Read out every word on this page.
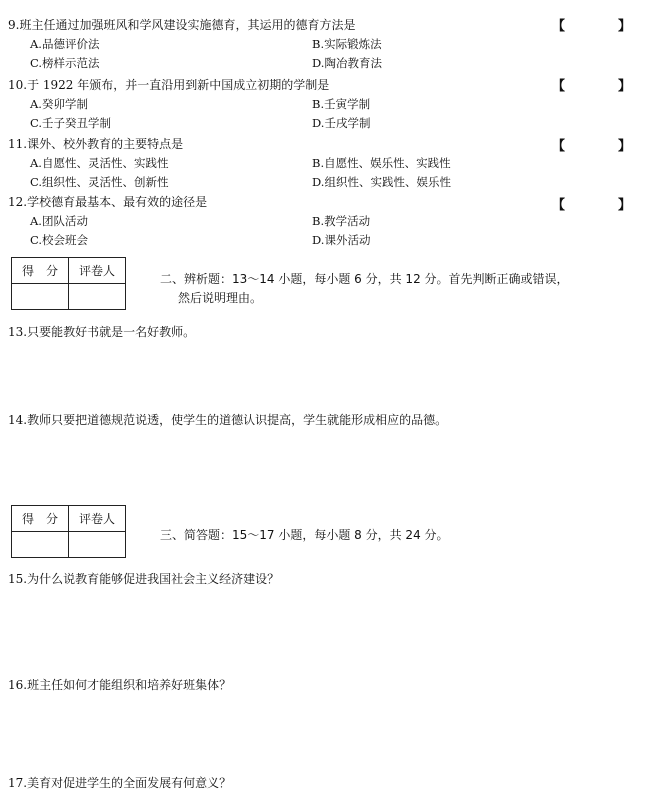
9.班主任通过加强班风和学风建设实施德育，其运用的德育方法是	【　】
A.品德评价法	B.实际锻炼法
C.榜样示范法	D.陶冶教育法
10.于 1922 年颁布，并一直沿用到新中国成立初期的学制是	【　】
A.癸卯学制	B.壬寅学制
C.壬子癸丑学制	D.壬戌学制
11.课外、校外教育的主要特点是	【　】
A.自愿性、灵活性、实践性	B.自愿性、娱乐性、实践性
C.组织性、灵活性、创新性	D.组织性、实践性、娱乐性
12.学校德育最基本、最有效的途径是	【　】
A.团队活动	B.教学活动
C.校会班会	D.课外活动
得　分	评卷人

二、辨析题：13～14 小题，每小题 6 分，共 12 分。首先判断正确或错误，
然后说明理由。
13.只要能教好书就是一名好教师。
14.教师只要把道德规范说透，使学生的道德认识提高，学生就能形成相应的品德。
得　分	评卷人

三、简答题：15～17 小题，每小题 8 分，共 24 分。
15.为什么说教育能够促进我国社会主义经济建设？
16.班主任如何才能组织和培养好班集体？
17.美育对促进学生的全面发展有何意义？
